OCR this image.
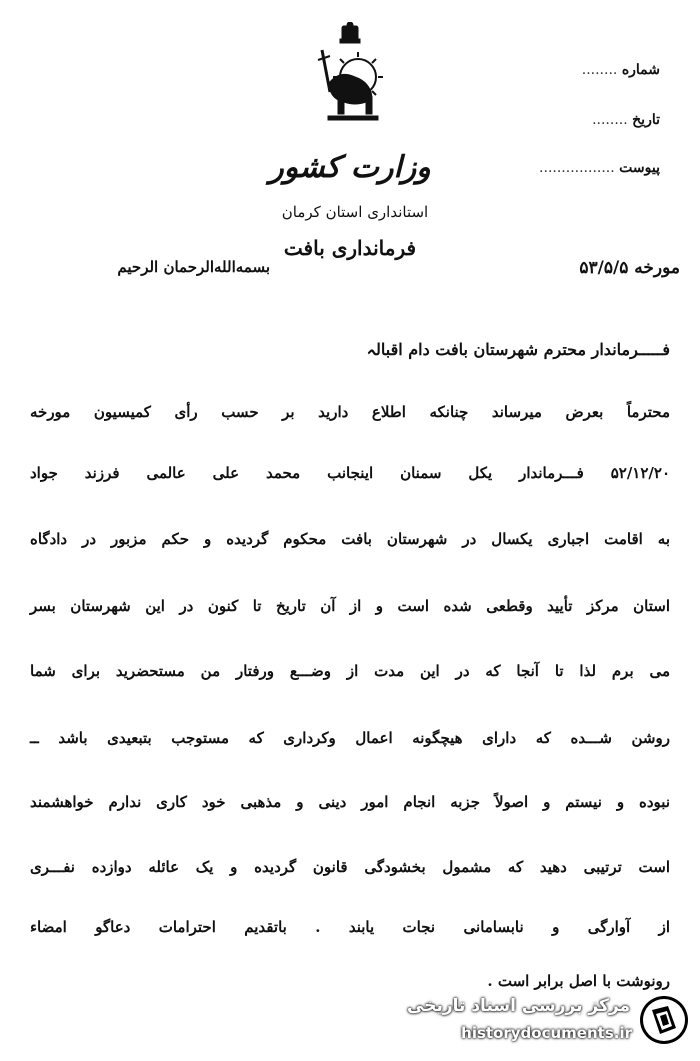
شماره ........
تاریخ ........
پیوست .................
وزارت کشور
استانداری استان کرمان
فرمانداری بافت
مورخه ۵۳/۵/۵
بسمه‌الله‌الرحمان الرحیم
فـــــرماندار محترم شهرستان بافت دام اقبالہ
محترماً بعرض میرساند چنانکه اطلاع دارید بر حسب رأی کمیسیون مورخه
۵۲/۱۲/۲۰ فـــرماندار یکل سمنان اینجانب محمد علی عالمی فرزند جواد
به اقامت اجباری یکسال در شهرستان بافت محکوم گردیده و حکم مزبور در دادگاه
استان مرکز تأیید وقطعی شده است و از آن تاریخ تا کنون در این شهرستان بسر
می برم لذا تا آنجا که در این مدت از وضـــع ورفتار من مستحضرید برای شما
روشن شـــده که دارای هیچگونه اعمال وکرداری که مستوجب بتبعیدی باشد ــ
نبوده و نیستم و اصولاً جزبه انجام امور دینی و مذهبی خود کاری ندارم خواهشمند
است ترتیبی دهید که مشمول بخشودگی قانون گردیده و یک عائله دوازده نفـــری
از آوارگی و نابسامانی نجات یابند . باتقدیم احترامات دعاگو امضاء
رونوشت با اصل برابر است .
مرکز بررسی اسناد تاریخی
historydocuments.ir
